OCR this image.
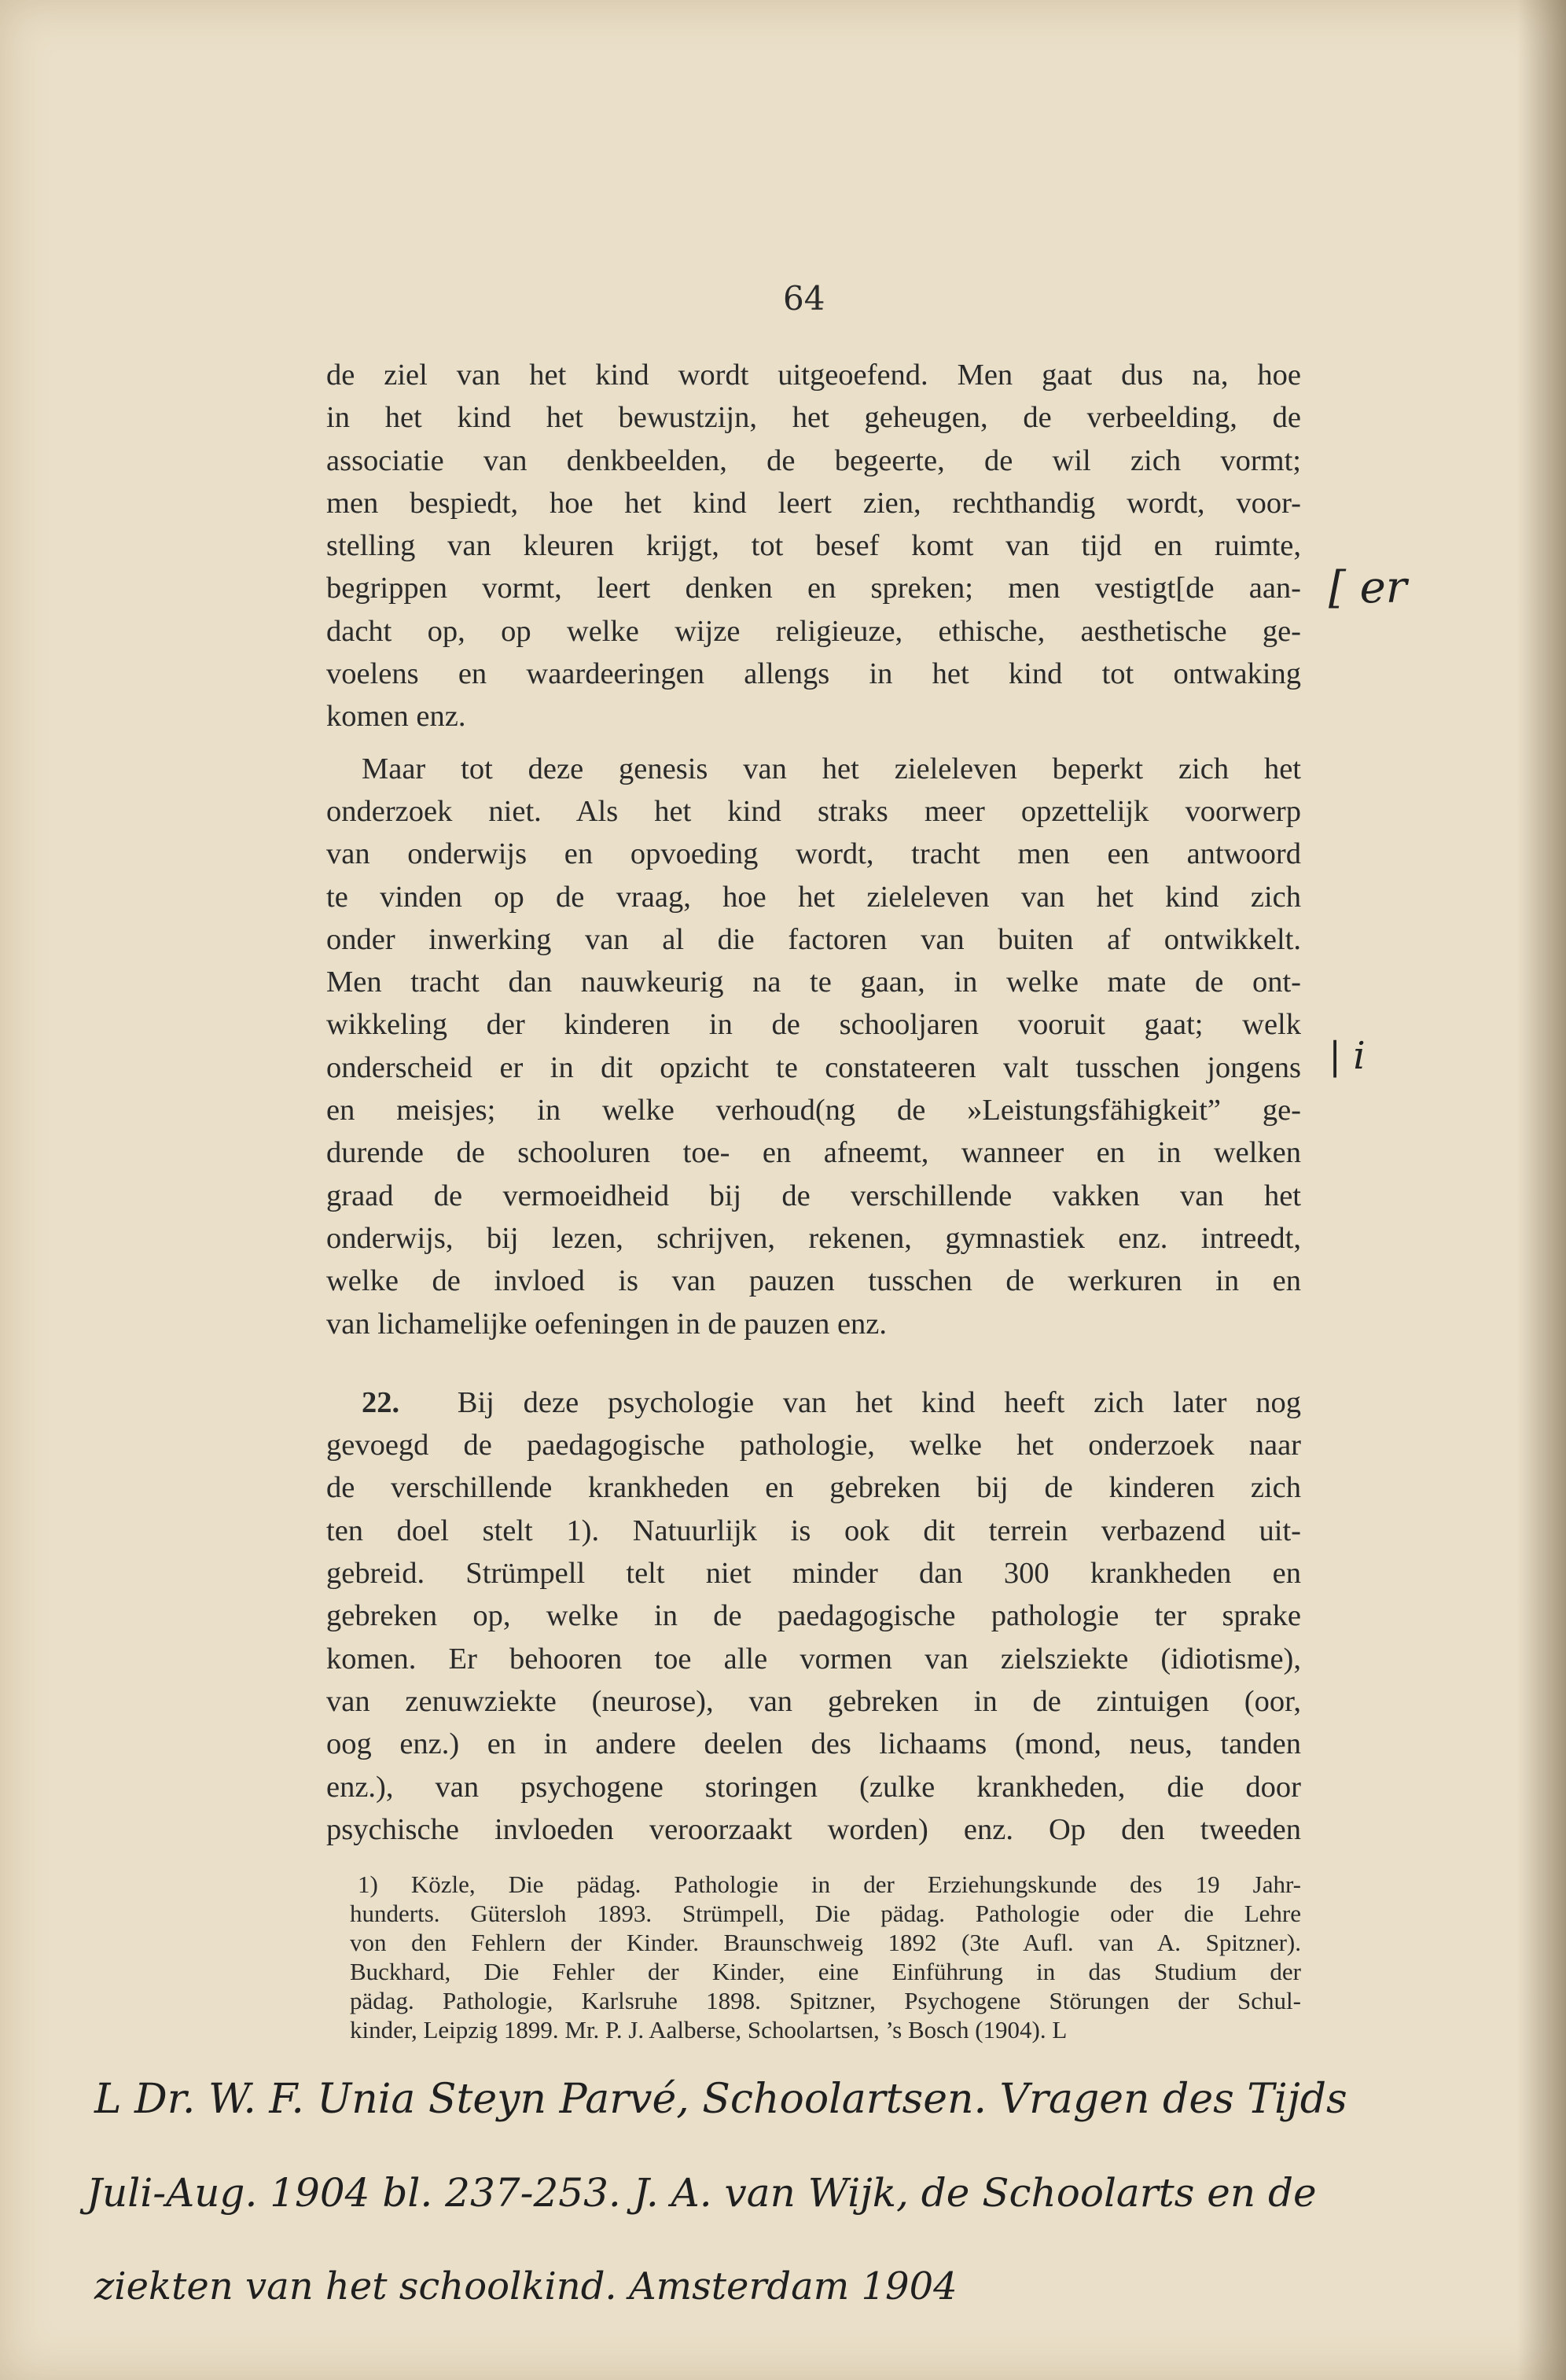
64
de ziel van het kind wordt uitgeoefend. Men gaat dus na, hoe
in het kind het bewustzijn, het geheugen, de verbeelding, de
associatie van denkbeelden, de begeerte, de wil zich vormt;
men bespiedt, hoe het kind leert zien, rechthandig wordt, voor-
stelling van kleuren krijgt, tot besef komt van tijd en ruimte,
begrippen vormt, leert denken en spreken; men vestigt[de aan-
dacht op, op welke wijze religieuze, ethische, aesthetische ge-
voelens en waardeeringen allengs in het kind tot ontwaking
komen enz.
Maar tot deze genesis van het zieleleven beperkt zich het
onderzoek niet. Als het kind straks meer opzettelijk voorwerp
van onderwijs en opvoeding wordt, tracht men een antwoord
te vinden op de vraag, hoe het zieleleven van het kind zich
onder inwerking van al die factoren van buiten af ontwikkelt.
Men tracht dan nauwkeurig na te gaan, in welke mate de ont-
wikkeling der kinderen in de schooljaren vooruit gaat; welk
onderscheid er in dit opzicht te constateeren valt tusschen jongens
en meisjes; in welke verhoud(ng de »Leistungsfähigkeit” ge-
durende de schooluren toe- en afneemt, wanneer en in welken
graad de vermoeidheid bij de verschillende vakken van het
onderwijs, bij lezen, schrijven, rekenen, gymnastiek enz. intreedt,
welke de invloed is van pauzen tusschen de werkuren in en
van lichamelijke oefeningen in de pauzen enz.
22. Bij deze psychologie van het kind heeft zich later nog
gevoegd de paedagogische pathologie, welke het onderzoek naar
de verschillende krankheden en gebreken bij de kinderen zich
ten doel stelt 1). Natuurlijk is ook dit terrein verbazend uit-
gebreid. Strümpell telt niet minder dan 300 krankheden en
gebreken op, welke in de paedagogische pathologie ter sprake
komen. Er behooren toe alle vormen van zielsziekte (idiotisme),
van zenuwziekte (neurose), van gebreken in de zintuigen (oor,
oog enz.) en in andere deelen des lichaams (mond, neus, tanden
enz.), van psychogene storingen (zulke krankheden, die door
psychische invloeden veroorzaakt worden) enz. Op den tweeden
1) Közle, Die pädag. Pathologie in der Erziehungskunde des 19 Jahr-
hunderts. Gütersloh 1893. Strümpell, Die pädag. Pathologie oder die Lehre
von den Fehlern der Kinder. Braunschweig 1892 (3te Aufl. van A. Spitzner).
Buckhard, Die Fehler der Kinder, eine Einführung in das Studium der
pädag. Pathologie, Karlsruhe 1898. Spitzner, Psychogene Störungen der Schul-
kinder, Leipzig 1899. Mr. P. J. Aalberse, Schoolartsen, ’s Bosch (1904). L
[ er
| i
L Dr. W. F. Unia Steyn Parvé, Schoolartsen. Vragen des Tijds
Juli-Aug. 1904 bl. 237-253. J. A. van Wijk, de Schoolarts en de
ziekten van het schoolkind. Amsterdam 1904
